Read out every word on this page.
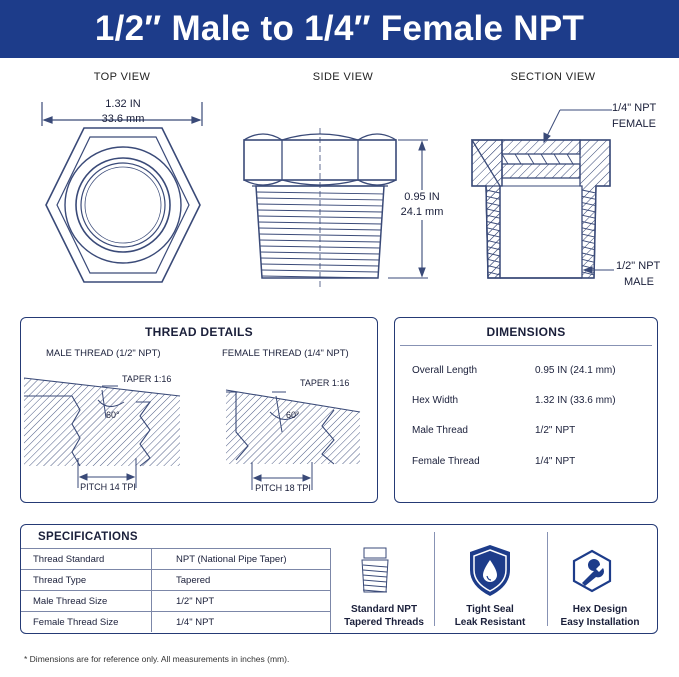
1/2″ Male to 1/4″ Female NPT
TOP VIEW	SIDE VIEW	SECTION VIEW
1.32 IN
33.6 mm
0.95 IN
24.1 mm
1/4" NPT
FEMALE
1/2" NPT
MALE
THREAD DETAILS
MALE THREAD (1/2" NPT)	FEMALE THREAD (1/4" NPT)
TAPER 1:16
60°
PITCH 14 TPI
TAPER 1:16
60°
PITCH 18 TPI
DIMENSIONS
Overall Length	0.95 IN (24.1 mm)
Hex Width	1.32 IN (33.6 mm)
Male Thread	1/2" NPT
Female Thread	1/4" NPT
SPECIFICATIONS
Thread Standard	NPT (National Pipe Taper)
Thread Type	Tapered
Male Thread Size	1/2" NPT
Female Thread Size	1/4" NPT
Standard NPT
Tapered Threads
Tight Seal
Leak Resistant
Hex Design
Easy Installation
* Dimensions are for reference only. All measurements in inches (mm).
